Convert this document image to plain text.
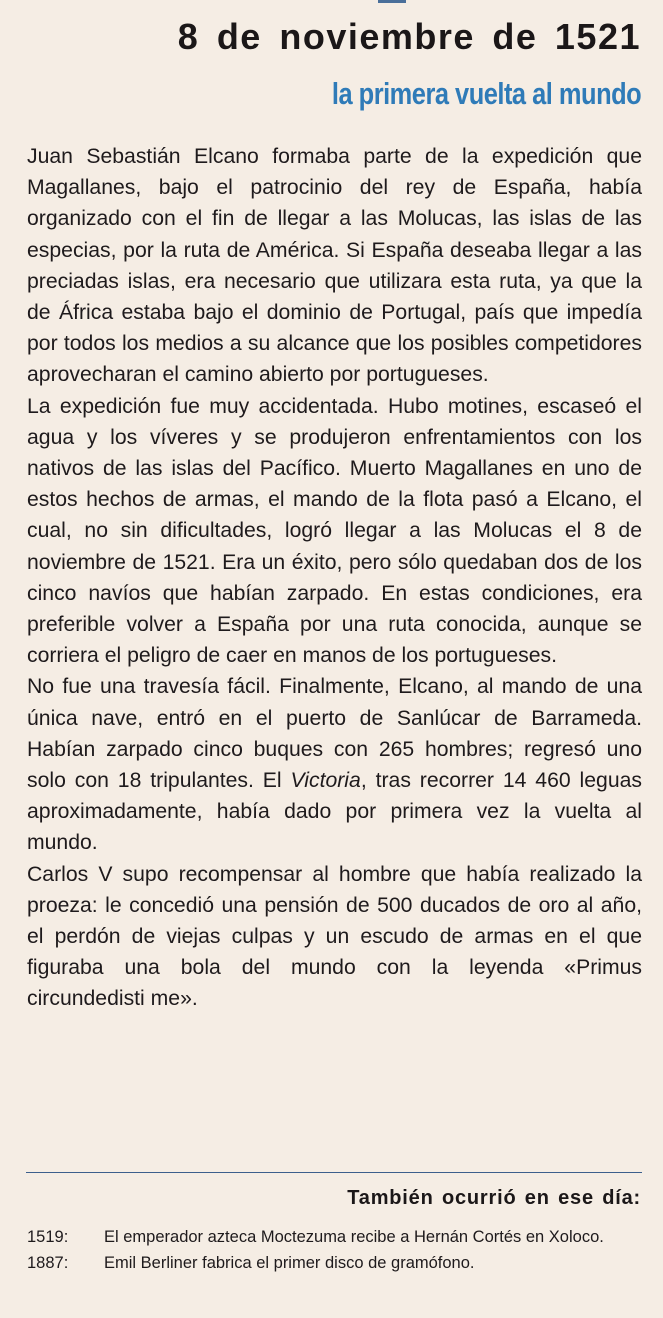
8 de noviembre de 1521
la primera vuelta al mundo

Juan Sebastián Elcano formaba parte de la expedición que Magallanes, bajo el patrocinio del rey de España, había organizado con el fin de llegar a las Molucas, las islas de las especias, por la ruta de América. Si España deseaba llegar a las preciadas islas, era necesario que utilizara esta ruta, ya que la de África estaba bajo el dominio de Portugal, país que impedía por todos los medios a su alcance que los posibles competidores aprovecharan el camino abierto por portugueses.

La expedición fue muy accidentada. Hubo motines, escaseó el agua y los víveres y se produjeron enfrentamientos con los nativos de las islas del Pacífico. Muerto Magallanes en uno de estos hechos de armas, el mando de la flota pasó a Elcano, el cual, no sin dificultades, logró llegar a las Molucas el 8 de noviembre de 1521. Era un éxito, pero sólo quedaban dos de los cinco navíos que habían zarpado. En estas condiciones, era preferible volver a España por una ruta conocida, aunque se corriera el peligro de caer en manos de los portugueses.

No fue una travesía fácil. Finalmente, Elcano, al mando de una única nave, entró en el puerto de Sanlúcar de Barrameda. Habían zarpado cinco buques con 265 hombres; regresó uno solo con 18 tripulantes. El Victoria, tras recorrer 14 460 leguas aproximadamente, había dado por primera vez la vuelta al mundo.

Carlos V supo recompensar al hombre que había realizado la proeza: le concedió una pensión de 500 ducados de oro al año, el perdón de viejas culpas y un escudo de armas en el que figuraba una bola del mundo con la leyenda «Primus circundedisti me».

También ocurrió en ese día:
1519:	El emperador azteca Moctezuma recibe a Hernán Cortés en Xoloco.
1887:	Emil Berliner fabrica el primer disco de gramófono.
